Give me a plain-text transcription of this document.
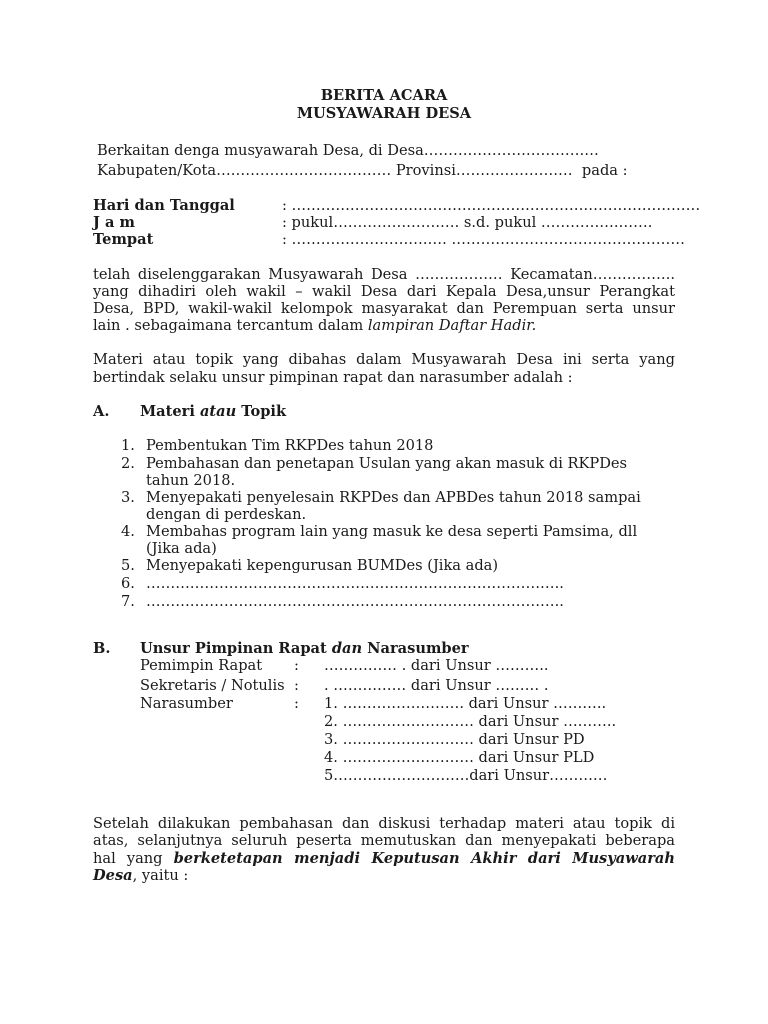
BERITA ACARA
MUSYAWARAH DESA
Berkaitan denga musyawarah Desa, di Desa………………………………
Kabupaten/Kota……………………………… Provinsi……………………  pada :
Hari dan Tanggal	: …………………………………………………………………………
J a m	: pukul………………….…. s.d. pukul …………….…….
Tempat	: ……………………….…. …………………………………………
telah diselenggarakan Musyawarah Desa ……………… Kecamatan……………..
yang dihadiri oleh wakil – wakil Desa dari Kepala Desa,unsur Perangkat
Desa, BPD, wakil-wakil kelompok masyarakat dan Perempuan serta unsur
lain . sebagaimana tercantum dalam lampiran Daftar Hadir.
Materi atau topik yang dibahas dalam Musyawarah Desa ini serta yang
bertindak selaku unsur pimpinan rapat dan narasumber adalah :
A. Materi atau Topik
1. Pembentukan Tim RKPDes tahun 2018
2. Pembahasan dan penetapan Usulan yang akan masuk di RKPDes
tahun 2018.
3. Menyepakati penyelesain RKPDes dan APBDes tahun 2018 sampai
dengan di perdeskan.
4. Membahas program lain yang masuk ke desa seperti Pamsima, dll
(Jika ada)
5. Menyepakati kepengurusan BUMDes (Jika ada)
6. …………………………………………………………………………..
7. …………………………………………………………………………..
B. Unsur Pimpinan Rapat dan Narasumber
Pemimpin Rapat : …………… . dari Unsur ………..
Sekretaris / Notulis : . …………… dari Unsur ……… .
Narasumber	: 1. ……………………. dari Unsur ………..
2. ……………………… dari Unsur ………..
3. ……………………… dari Unsur PD
4. ……………………… dari Unsur PLD
5……………………….dari Unsur…………
Setelah dilakukan pembahasan dan diskusi terhadap materi atau topik di
atas, selanjutnya seluruh peserta memutuskan dan menyepakati beberapa
hal yang berketetapan menjadi Keputusan Akhir dari Musyawarah
Desa, yaitu :
